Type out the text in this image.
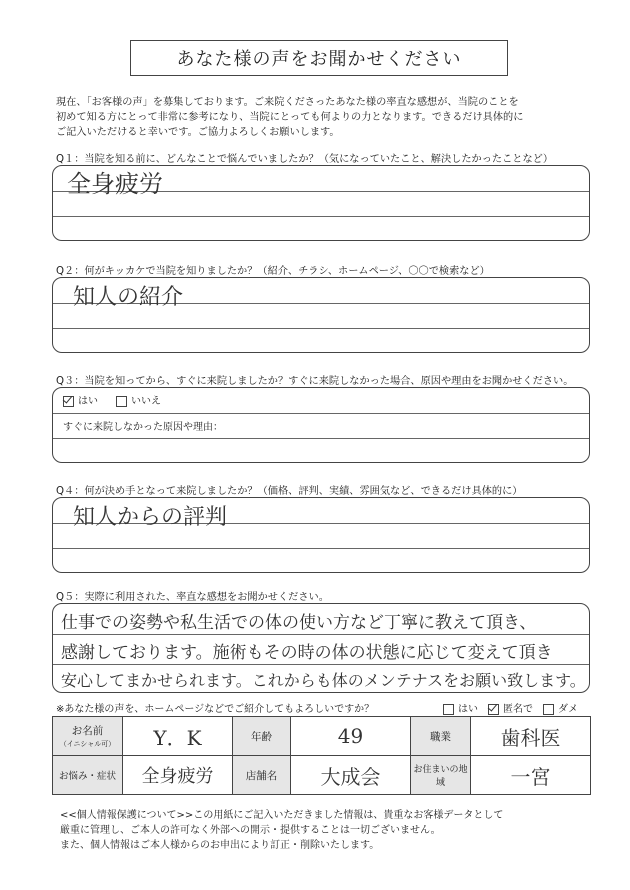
あなた様の声をお聞かせください
現在、「お客様の声」を募集しております。ご来院くださったあなた様の率直な感想が、当院のことを
初めて知る方にとって非常に参考になり、当院にとっても何よりの力となります。できるだけ具体的に
ご記入いただけると幸いです。ご協力よろしくお願いします。
Q１：当院を知る前に、どんなことで悩んでいましたか？（気になっていたこと、解決したかったことなど）
全身疲労
Q２：何がキッカケで当院を知りましたか？（紹介、チラシ、ホームページ、〇〇で検索など）
知人の紹介
Q３：当院を知ってから、すぐに来院しましたか？すぐに来院しなかった場合、原因や理由をお聞かせください。
はい	いいえ
すぐに来院しなかった原因や理由：
Q４：何が決め手となって来院しましたか？（価格、評判、実績、雰囲気など、できるだけ具体的に）
知人からの評判
Q５：実際に利用された、率直な感想をお聞かせください。
仕事での姿勢や私生活での体の使い方など丁寧に教えて頂き、
感謝しております。施術もその時の体の状態に応じて変えて頂き
安心してまかせられます。これからも体のメンテナスをお願い致します。
※あなた様の声を、ホームページなどでご紹介してもよろしいですか？	はい	匿名で	ダメ
お名前
（イニシャル可）	Y．K	年齢	49	職業	歯科医
お悩み・症状	全身疲労	店舗名	大成会	お住まいの地域	一宮
<<個人情報保護について>>この用紙にご記入いただきました情報は、貴重なお客様データとして
厳重に管理し、ご本人の許可なく外部への開示・提供することは一切ございません。
また、個人情報はご本人様からのお申出により訂正・削除いたします。
